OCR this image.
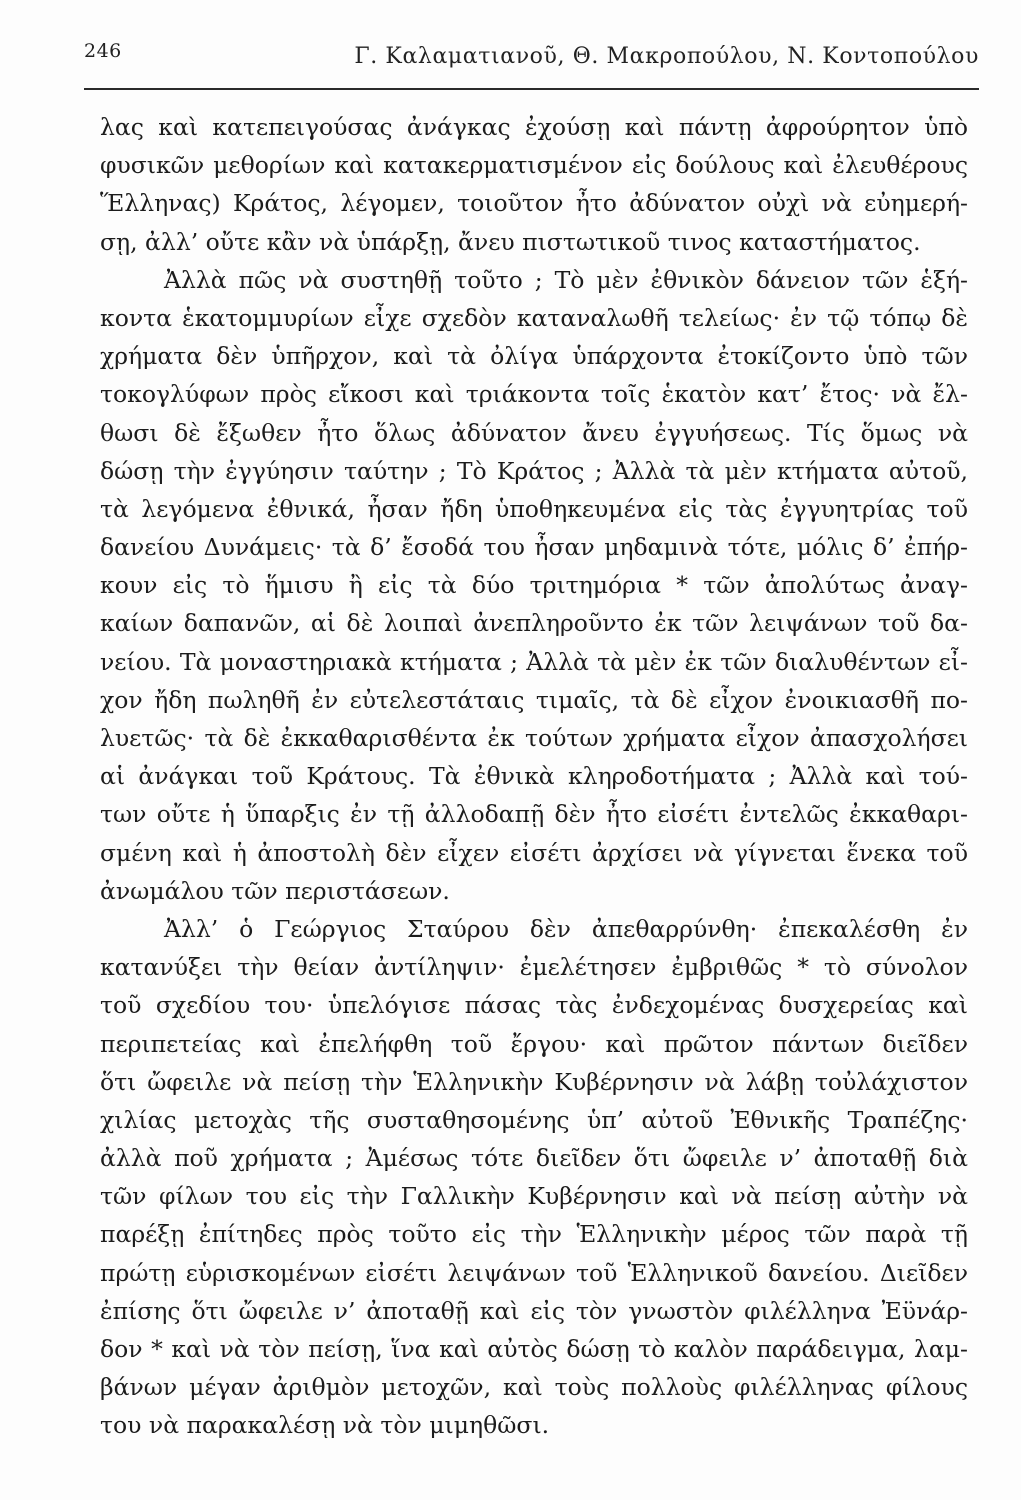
246	Γ. Καλαματιανοῦ, Θ. Μακροπούλου, Ν. Κοντοπούλου
λας καὶ κατεπειγούσας ἀνάγκας ἐχούσῃ καὶ πάντῃ ἀφρούρητον ὑπὸ
φυσικῶν μεθορίων καὶ κατακερματισμένον εἰς δούλους καὶ ἐλευθέρους
Ἕλληνας) Κράτος, λέγομεν, τοιοῦτον ἦτο ἀδύνατον οὐχὶ νὰ εὐημερή-
σῃ, ἀλλ’ οὔτε κἂν νὰ ὑπάρξῃ, ἄνευ πιστωτικοῦ τινος καταστήματος.
Ἀλλὰ πῶς νὰ συστηθῇ τοῦτο ; Τὸ μὲν ἐθνικὸν δάνειον τῶν ἑξή-
κοντα ἑκατομμυρίων εἶχε σχεδὸν καταναλωθῆ τελείως· ἐν τῷ τόπῳ δὲ
χρήματα δὲν ὑπῆρχον, καὶ τὰ ὀλίγα ὑπάρχοντα ἐτοκίζοντο ὑπὸ τῶν
τοκογλύφων πρὸς εἴκοσι καὶ τριάκοντα τοῖς ἑκατὸν κατ’ ἔτος· νὰ ἔλ-
θωσι δὲ ἔξωθεν ἦτο ὅλως ἀδύνατον ἄνευ ἐγγυήσεως. Τίς ὅμως νὰ
δώσῃ τὴν ἐγγύησιν ταύτην ; Τὸ Κράτος ; Ἀλλὰ τὰ μὲν κτήματα αὐτοῦ,
τὰ λεγόμενα ἐθνικά, ἦσαν ἤδη ὑποθηκευμένα εἰς τὰς ἐγγυητρίας τοῦ
δανείου Δυνάμεις· τὰ δ’ ἔσοδά του ἦσαν μηδαμινὰ τότε, μόλις δ’ ἐπήρ-
κουν εἰς τὸ ἥμισυ ἢ εἰς τὰ δύο τριτημόρια * τῶν ἀπολύτως ἀναγ-
καίων δαπανῶν, αἱ δὲ λοιπαὶ ἀνεπληροῦντο ἐκ τῶν λειψάνων τοῦ δα-
νείου. Τὰ μοναστηριακὰ κτήματα ; Ἀλλὰ τὰ μὲν ἐκ τῶν διαλυθέντων εἶ-
χον ἤδη πωληθῆ ἐν εὐτελεστάταις τιμαῖς, τὰ δὲ εἶχον ἐνοικιασθῆ πο-
λυετῶς· τὰ δὲ ἐκκαθαρισθέντα ἐκ τούτων χρήματα εἶχον ἀπασχολήσει
αἱ ἀνάγκαι τοῦ Κράτους. Τὰ ἐθνικὰ κληροδοτήματα ; Ἀλλὰ καὶ τού-
των οὔτε ἡ ὕπαρξις ἐν τῇ ἀλλοδαπῇ δὲν ἦτο εἰσέτι ἐντελῶς ἐκκαθαρι-
σμένη καὶ ἡ ἀποστολὴ δὲν εἶχεν εἰσέτι ἀρχίσει νὰ γίγνεται ἕνεκα τοῦ
ἀνωμάλου τῶν περιστάσεων.
Ἀλλ’ ὁ Γεώργιος Σταύρου δὲν ἀπεθαρρύνθη· ἐπεκαλέσθη ἐν
κατανύξει τὴν θείαν ἀντίληψιν· ἐμελέτησεν ἐμβριθῶς * τὸ σύνολον
τοῦ σχεδίου του· ὑπελόγισε πάσας τὰς ἐνδεχομένας δυσχερείας καὶ
περιπετείας καὶ ἐπελήφθη τοῦ ἔργου· καὶ πρῶτον πάντων διεῖδεν
ὅτι ὤφειλε νὰ πείσῃ τὴν Ἑλληνικὴν Κυβέρνησιν νὰ λάβῃ τοὐλάχιστον
χιλίας μετοχὰς τῆς συσταθησομένης ὑπ’ αὐτοῦ Ἐθνικῆς Τραπέζης·
ἀλλὰ ποῦ χρήματα ; Ἀμέσως τότε διεῖδεν ὅτι ὤφειλε ν’ ἀποταθῇ διὰ
τῶν φίλων του εἰς τὴν Γαλλικὴν Κυβέρνησιν καὶ νὰ πείσῃ αὐτὴν νὰ
παρέξῃ ἐπίτηδες πρὸς τοῦτο εἰς τὴν Ἑλληνικὴν μέρος τῶν παρὰ τῇ
πρώτῃ εὑρισκομένων εἰσέτι λειψάνων τοῦ Ἑλληνικοῦ δανείου. Διεῖδεν
ἐπίσης ὅτι ὤφειλε ν’ ἀποταθῇ καὶ εἰς τὸν γνωστὸν φιλέλληνα Ἐϋνάρ-
δον * καὶ νὰ τὸν πείσῃ, ἵνα καὶ αὐτὸς δώσῃ τὸ καλὸν παράδειγμα, λαμ-
βάνων μέγαν ἀριθμὸν μετοχῶν, καὶ τοὺς πολλοὺς φιλέλληνας φίλους
του νὰ παρακαλέσῃ νὰ τὸν μιμηθῶσι.
